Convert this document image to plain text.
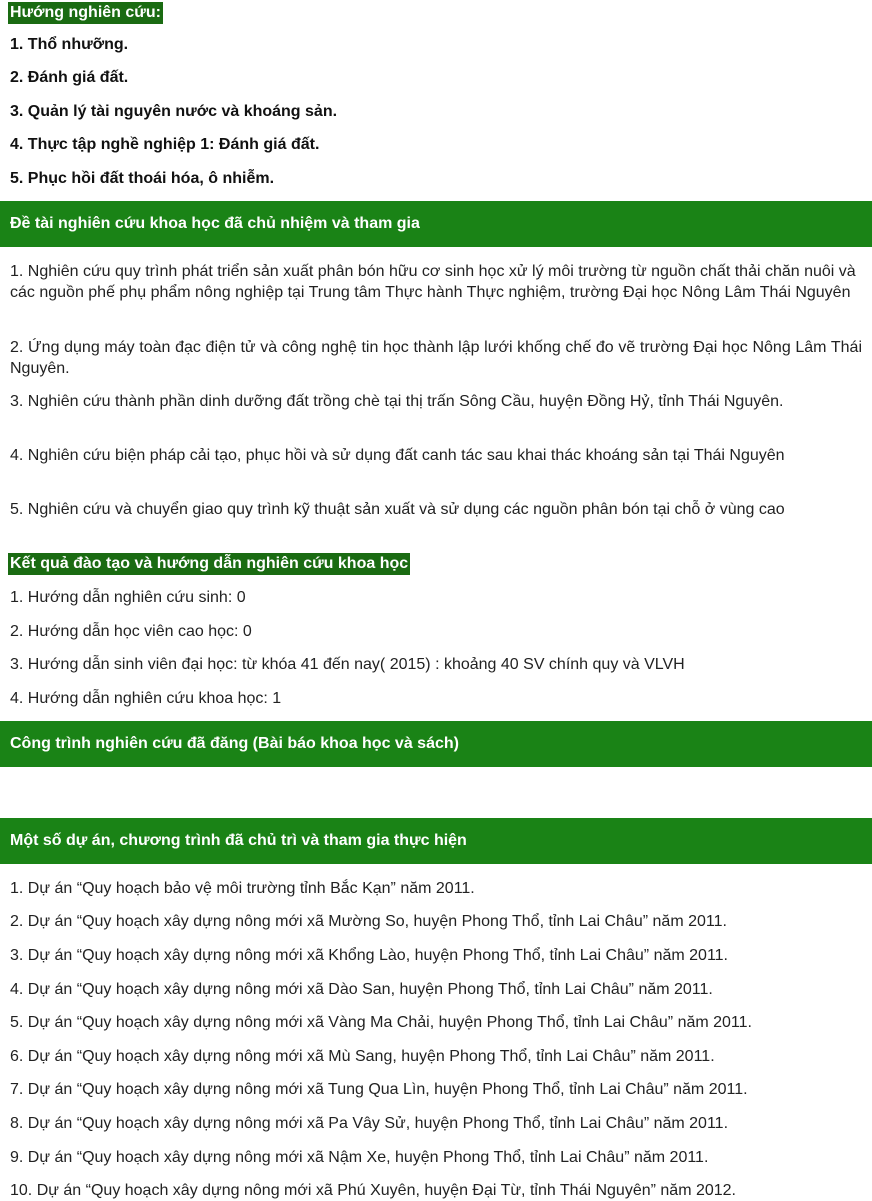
Hướng nghiên cứu:
1. Thổ nhưỡng.
2. Đánh giá đất.
3. Quản lý tài nguyên nước và khoáng sản.
4. Thực tập nghề nghiệp 1: Đánh giá đất.
5. Phục hồi đất thoái hóa, ô nhiễm.
Đề tài nghiên cứu khoa học đã chủ nhiệm và tham gia
1. Nghiên cứu quy trình phát triển sản xuất phân bón hữu cơ sinh học xử lý môi trường từ nguồn chất thải chăn nuôi và các nguồn phế phụ phẩm nông nghiệp tại Trung tâm Thực hành Thực nghiệm, trường Đại học Nông Lâm Thái Nguyên
2. Ứng dụng máy toàn đạc điện tử và công nghệ tin học thành lập lưới khống chế đo vẽ trường Đại học Nông Lâm Thái Nguyên.
3. Nghiên cứu thành phần dinh dưỡng đất trồng chè tại thị trấn Sông Cầu, huyện Đồng Hỷ, tỉnh Thái Nguyên.
4. Nghiên cứu biện pháp cải tạo, phục hồi và sử dụng đất canh tác sau khai thác khoáng sản tại Thái Nguyên
5. Nghiên cứu và chuyển giao quy trình kỹ thuật sản xuất và sử dụng các nguồn phân bón tại chỗ ở vùng cao
Kết quả đào tạo và hướng dẫn nghiên cứu khoa học
1. Hướng dẫn nghiên cứu sinh: 0
2. Hướng dẫn học viên cao học: 0
3. Hướng dẫn sinh viên đại học: từ khóa 41 đến nay( 2015) : khoảng 40 SV chính quy và VLVH
4. Hướng dẫn nghiên cứu khoa học: 1
Công trình nghiên cứu đã đăng (Bài báo khoa học và sách)
Một số dự án, chương trình đã chủ trì và tham gia thực hiện
1. Dự án “Quy hoạch bảo vệ môi trường tỉnh Bắc Kạn” năm 2011.
2. Dự án “Quy hoạch xây dựng nông mới xã Mường So, huyện Phong Thổ, tỉnh Lai Châu” năm 2011.
3. Dự án “Quy hoạch xây dựng nông mới xã Khổng Lào, huyện Phong Thổ, tỉnh Lai Châu” năm 2011.
4. Dự án “Quy hoạch xây dựng nông mới xã Dào San, huyện Phong Thổ, tỉnh Lai Châu” năm 2011.
5. Dự án “Quy hoạch xây dựng nông mới xã Vàng Ma Chải, huyện Phong Thổ, tỉnh Lai Châu” năm 2011.
6. Dự án “Quy hoạch xây dựng nông mới xã Mù Sang, huyện Phong Thổ, tỉnh Lai Châu” năm 2011.
7. Dự án “Quy hoạch xây dựng nông mới xã Tung Qua Lìn, huyện Phong Thổ, tỉnh Lai Châu” năm 2011.
8. Dự án “Quy hoạch xây dựng nông mới xã Pa Vây Sử, huyện Phong Thổ, tỉnh Lai Châu” năm 2011.
9. Dự án “Quy hoạch xây dựng nông mới xã Nậm Xe, huyện Phong Thổ, tỉnh Lai Châu” năm 2011.
10. Dự án “Quy hoạch xây dựng nông mới xã Phú Xuyên, huyện Đại Từ, tỉnh Thái Nguyên” năm 2012.
